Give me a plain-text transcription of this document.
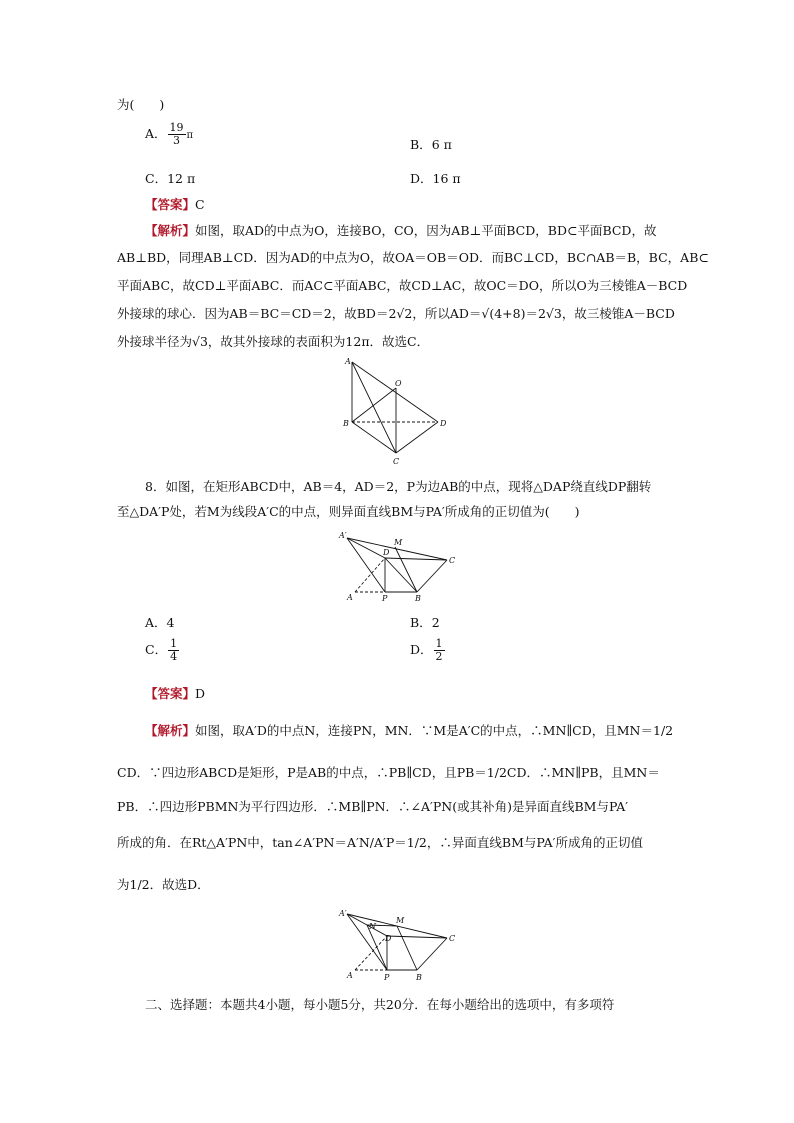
为(　　)
A． $\frac{19}{3}$ π
B．6 π
C．12 π	D．16 π
【答案】C
【解析】如图，取AD的中点为O，连接BO，CO，因为AB⊥平面BCD，BD⊂平面BCD，故
AB⊥BD，同理AB⊥CD．因为AD的中点为O，故OA＝OB＝OD．而BC⊥CD，BC∩AB＝B，BC，AB⊂
平面ABC，故CD⊥平面ABC．而AC⊂平面ABC，故CD⊥AC，故OC＝DO，所以O为三棱锥A－BCD
外接球的球心．因为AB＝BC＝CD＝2，故BD＝2√2，所以AD＝√(4+8)＝2√3，故三棱锥A－BCD
外接球半径为√3，故其外接球的表面积为12π．故选C．
A
O
B	D
C
8．如图，在矩形ABCD中，AB＝4，AD＝2，P为边AB的中点，现将△DAP绕直线DP翻转
至△DA′P处，若M为线段A′C的中点，则异面直线BM与PA′所成角的正切值为(　　)
A′
M
D
C
A	P	B
A．4	B．2
C． $\frac{1}{4}$	D． $\frac{1}{2}$
【答案】D
【解析】如图，取A′D的中点N，连接PN，MN．∵M是A′C的中点，∴MN∥CD，且MN＝1/2
CD．∵四边形ABCD是矩形，P是AB的中点，∴PB∥CD，且PB＝1/2CD．∴MN∥PB，且MN＝
PB．∴四边形PBMN为平行四边形．∴MB∥PN．∴∠A′PN(或其补角)是异面直线BM与PA′
所成的角．在Rt△A′PN中，tan∠A′PN＝A′N/A′P＝1/2，∴异面直线BM与PA′所成角的正切值
为1/2．故选D．
A′
M
N
D	C
A	P	B
二、选择题：本题共4小题，每小题5分，共20分．在每小题给出的选项中，有多项符
